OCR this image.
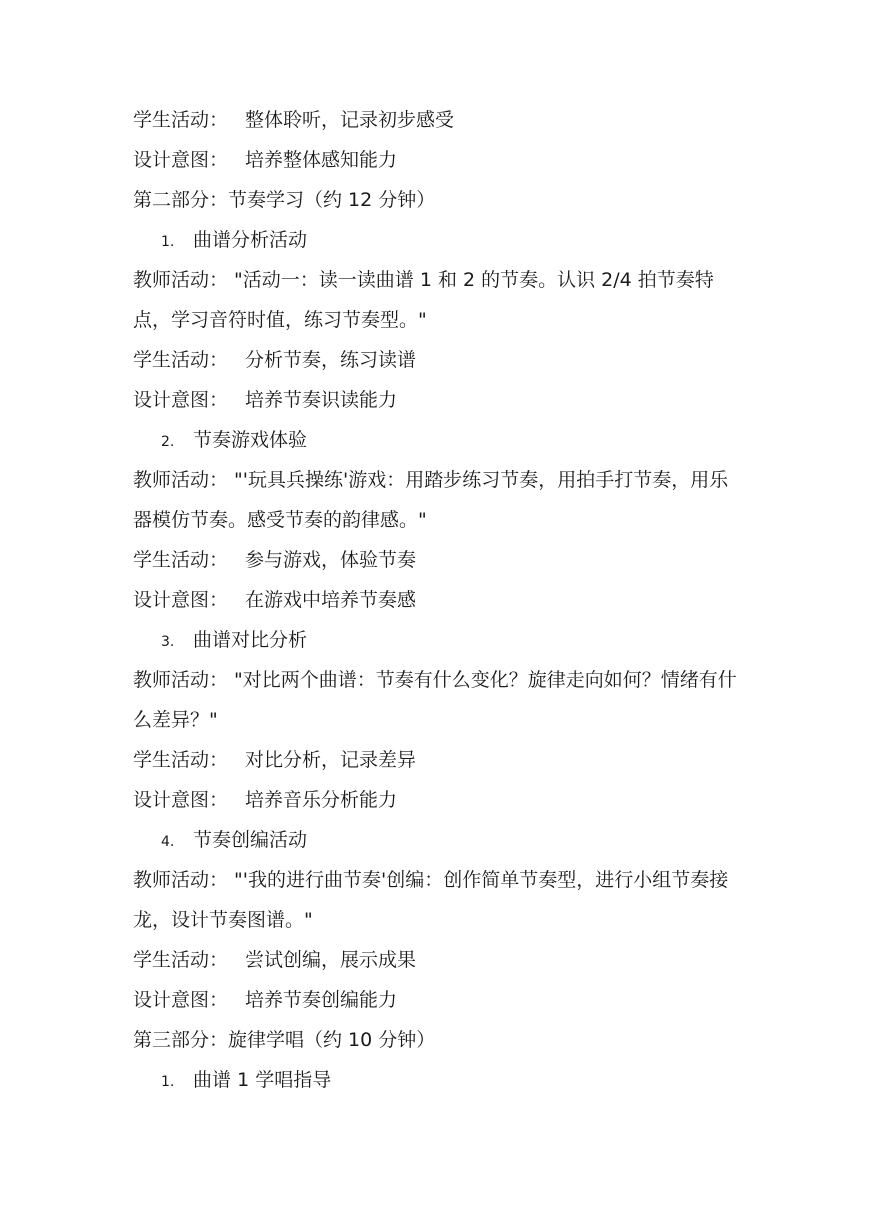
学生活动： 整体聆听，记录初步感受
设计意图： 培养整体感知能力
第二部分：节奏学习（约 12 分钟）
1. 曲谱分析活动
教师活动： "活动一：读一读曲谱 1 和 2 的节奏。认识 2/4 拍节奏特点，学习音符时值，练习节奏型。"
学生活动： 分析节奏，练习读谱
设计意图： 培养节奏识读能力
2. 节奏游戏体验
教师活动： "'玩具兵操练'游戏：用踏步练习节奏，用拍手打节奏，用乐器模仿节奏。感受节奏的韵律感。"
学生活动： 参与游戏，体验节奏
设计意图： 在游戏中培养节奏感
3. 曲谱对比分析
教师活动： "对比两个曲谱：节奏有什么变化？旋律走向如何？情绪有什么差异？"
学生活动： 对比分析，记录差异
设计意图： 培养音乐分析能力
4. 节奏创编活动
教师活动： "'我的进行曲节奏'创编：创作简单节奏型，进行小组节奏接龙，设计节奏图谱。"
学生活动： 尝试创编，展示成果
设计意图： 培养节奏创编能力
第三部分：旋律学唱（约 10 分钟）
1. 曲谱 1 学唱指导
